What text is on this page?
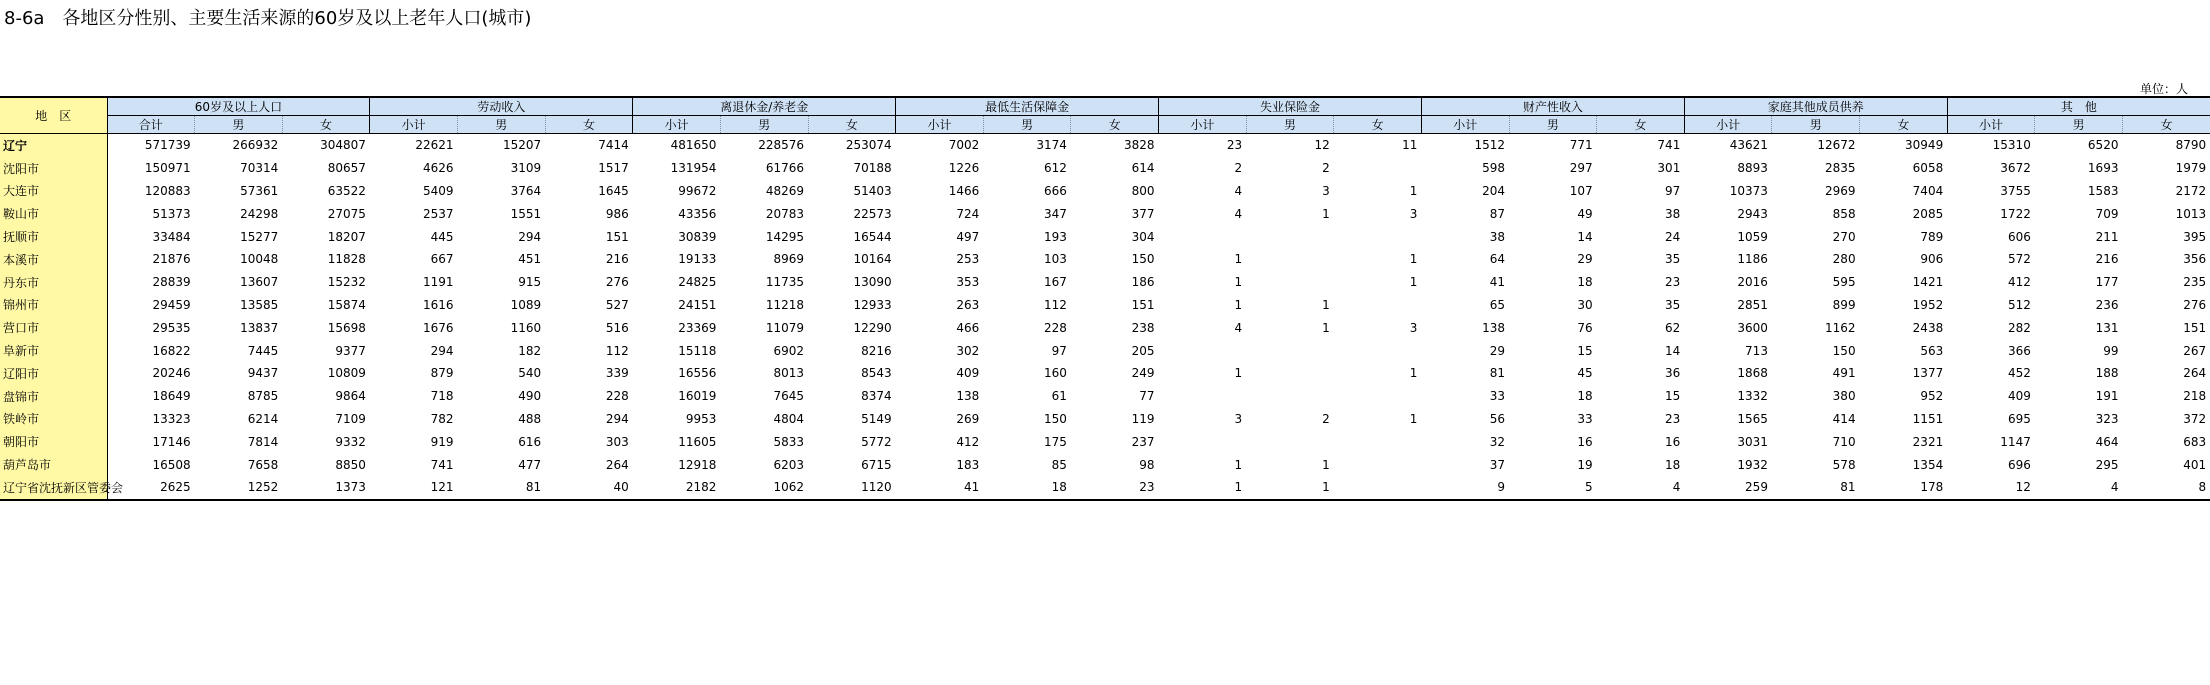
8-6a　各地区分性别、主要生活来源的60岁及以上老年人口(城市)
单位：人
地　区	60岁及以上人口			劳动收入			离退休金/养老金			最低生活保障金			失业保险金			财产性收入			家庭其他成员供养			其　他		
	合计	男	女	小计	男	女	小计	男	女	小计	男	女	小计	男	女	小计	男	女	小计	男	女	小计	男	女
辽宁	571739	266932	304807	22621	15207	7414	481650	228576	253074	7002	3174	3828	23	12	11	1512	771	741	43621	12672	30949	15310	6520	8790
沈阳市	150971	70314	80657	4626	3109	1517	131954	61766	70188	1226	612	614	2	2		598	297	301	8893	2835	6058	3672	1693	1979
大连市	120883	57361	63522	5409	3764	1645	99672	48269	51403	1466	666	800	4	3	1	204	107	97	10373	2969	7404	3755	1583	2172
鞍山市	51373	24298	27075	2537	1551	986	43356	20783	22573	724	347	377	4	1	3	87	49	38	2943	858	2085	1722	709	1013
抚顺市	33484	15277	18207	445	294	151	30839	14295	16544	497	193	304				38	14	24	1059	270	789	606	211	395
本溪市	21876	10048	11828	667	451	216	19133	8969	10164	253	103	150	1		1	64	29	35	1186	280	906	572	216	356
丹东市	28839	13607	15232	1191	915	276	24825	11735	13090	353	167	186	1		1	41	18	23	2016	595	1421	412	177	235
锦州市	29459	13585	15874	1616	1089	527	24151	11218	12933	263	112	151	1	1		65	30	35	2851	899	1952	512	236	276
营口市	29535	13837	15698	1676	1160	516	23369	11079	12290	466	228	238	4	1	3	138	76	62	3600	1162	2438	282	131	151
阜新市	16822	7445	9377	294	182	112	15118	6902	8216	302	97	205				29	15	14	713	150	563	366	99	267
辽阳市	20246	9437	10809	879	540	339	16556	8013	8543	409	160	249	1		1	81	45	36	1868	491	1377	452	188	264
盘锦市	18649	8785	9864	718	490	228	16019	7645	8374	138	61	77				33	18	15	1332	380	952	409	191	218
铁岭市	13323	6214	7109	782	488	294	9953	4804	5149	269	150	119	3	2	1	56	33	23	1565	414	1151	695	323	372
朝阳市	17146	7814	9332	919	616	303	11605	5833	5772	412	175	237				32	16	16	3031	710	2321	1147	464	683
葫芦岛市	16508	7658	8850	741	477	264	12918	6203	6715	183	85	98	1	1		37	19	18	1932	578	1354	696	295	401
辽宁省沈抚新区管委会	2625	1252	1373	121	81	40	2182	1062	1120	41	18	23	1	1		9	5	4	259	81	178	12	4	8
